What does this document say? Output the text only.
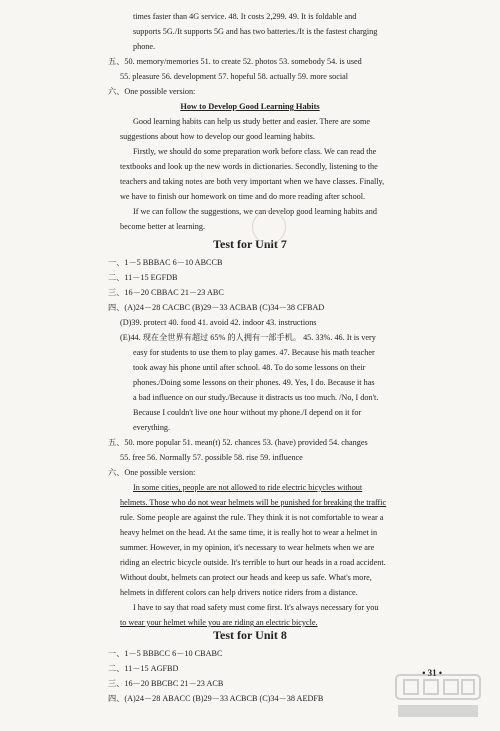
times faster than 4G service. 48. It costs 2,299. 49. It is foldable and
supports 5G./It supports 5G and has two batteries./It is the fastest charging
phone.
五、50. memory/memories 51. to create 52. photos 53. somebody 54. is used
55. pleasure 56. development 57. hopeful 58. actually 59. more social
六、One possible version:
Good learning habits can help us study better and easier. There are some
suggestions about how to develop our good learning habits.
Firstly, we should do some preparation work before class. We can read the
textbooks and look up the new words in dictionaries. Secondly, listening to the
teachers and taking notes are both very important when we have classes. Finally,
we have to finish our homework on time and do more reading after school.
If we can follow the suggestions, we can develop good learning habits and
become better at learning.
一、1－5 BBBAC 6－10 ABCCB
二、11－15 EGFDB
三、16－20 CBBAC 21－23 ABC
四、(A)24－28 CACBC (B)29－33 ACBAB (C)34－38 CFBAD
(D)39. protect 40. food 41. avoid 42. indoor 43. instructions
(E)44. 现在全世界有超过 65% 的人拥有一部手机。 45. 33%. 46. It is very
easy for students to use them to play games. 47. Because his math teacher
took away his phone until after school. 48. To do some lessons on their
phones./Doing some lessons on their phones. 49. Yes, I do. Because it has
a bad influence on our study./Because it distracts us too much. /No, I don't.
Because I couldn't live one hour without my phone./I depend on it for
everything.
五、50. more popular 51. mean(t) 52. chances 53. (have) provided 54. changes
55. free 56. Normally 57. possible 58. rise 59. influence
六、One possible version:
In some cities, people are not allowed to ride electric bicycles without
helmets. Those who do not wear helmets will be punished for breaking the traffic
rule. Some people are against the rule. They think it is not comfortable to wear a
heavy helmet on the head. At the same time, it is really hot to wear a helmet in
summer. However, in my opinion, it's necessary to wear helmets when we are
riding an electric bicycle outside. It's terrible to hurt our heads in a road accident.
Without doubt, helmets can protect our heads and keep us safe. What's more,
helmets in different colors can help drivers notice riders from a distance.
I have to say that road safety must come first. It's always necessary for you
to wear your helmet while you are riding an electric bicycle.
一、1－5 BBBCC 6－10 CBABC
二、11－15 AGFBD
三、16－20 BBCBC 21－23 ACB
四、(A)24－28 ABACC (B)29－33 ACBCB (C)34－38 AEDFB
How to Develop Good Learning Habits
Test for Unit 7
Test for Unit 8
• 31 •
